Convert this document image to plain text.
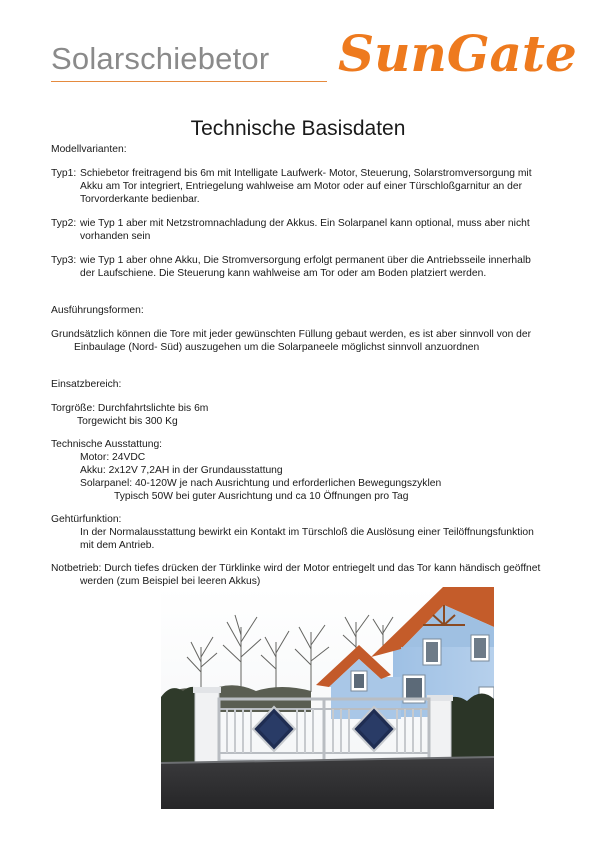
Solarschiebetor SunGate
Technische Basisdaten
Modellvarianten:
Typ1: Schiebetor freitragend bis 6m mit Intelligate Laufwerk- Motor, Steuerung, Solarstromversorgung mit
Akku am Tor integriert, Entriegelung wahlweise am Motor oder auf einer Türschloßgarnitur an der
Torvorderkante bedienbar.
Typ2: wie Typ 1 aber mit Netzstromnachladung der Akkus. Ein Solarpanel kann optional, muss aber nicht
vorhanden sein
Typ3: wie Typ 1 aber ohne Akku, Die Stromversorgung erfolgt permanent über die Antriebsseile innerhalb
der Laufschiene. Die Steuerung kann wahlweise am Tor oder am Boden platziert werden.
Ausführungsformen:
Grundsätzlich können die Tore mit jeder gewünschten Füllung gebaut werden, es ist aber sinnvoll von der
Einbaulage (Nord- Süd) auszugehen um die Solarpaneele möglichst sinnvoll anzuordnen
Einsatzbereich:
Torgröße: Durchfahrtslichte bis 6m
Torgewicht bis 300 Kg
Technische Ausstattung:
Motor: 24VDC
Akku: 2x12V 7,2AH in der Grundausstattung
Solarpanel: 40-120W je nach Ausrichtung und erforderlichen Bewegungszyklen
Typisch 50W bei guter Ausrichtung und ca 10 Öffnungen pro Tag
Gehtürfunktion:
In der Normalausstattung bewirkt ein Kontakt im Türschloß die Auslösung einer Teilöffnungsfunktion
mit dem Antrieb.
Notbetrieb: Durch tiefes drücken der Türklinke wird der Motor entriegelt und das Tor kann händisch geöffnet
werden (zum Beispiel bei leeren Akkus)
